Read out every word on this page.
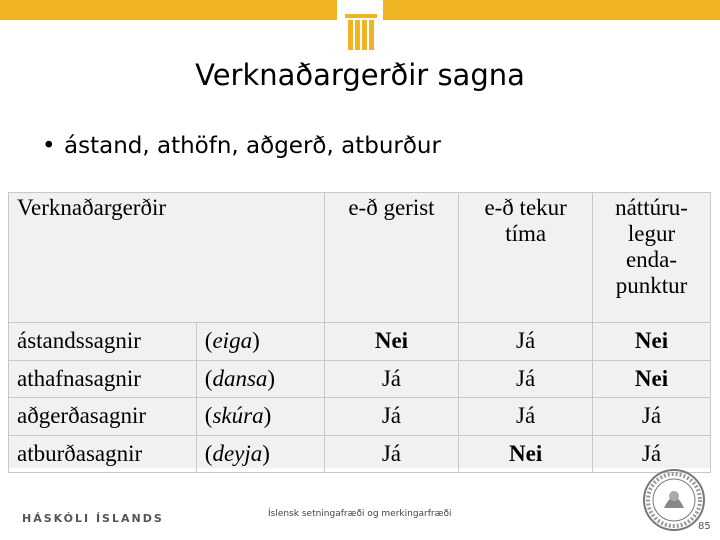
Verknaðargerðir sagna
• ástand, athöfn, aðgerð, atburður
Verknaðargerðir		e-ð gerist	e-ð tekur tíma	náttúru-legur enda-punktur
ástandssagnir	(eiga)	Nei	Já	Nei
athafnasagnir	(dansa)	Já	Já	Nei
aðgerðasagnir	(skúra)	Já	Já	Já
atburðasagnir	(deyja)	Já	Nei	Já
HÁSKÓLI ÍSLANDS	Íslensk setningafræði og merkingarfræði
85
